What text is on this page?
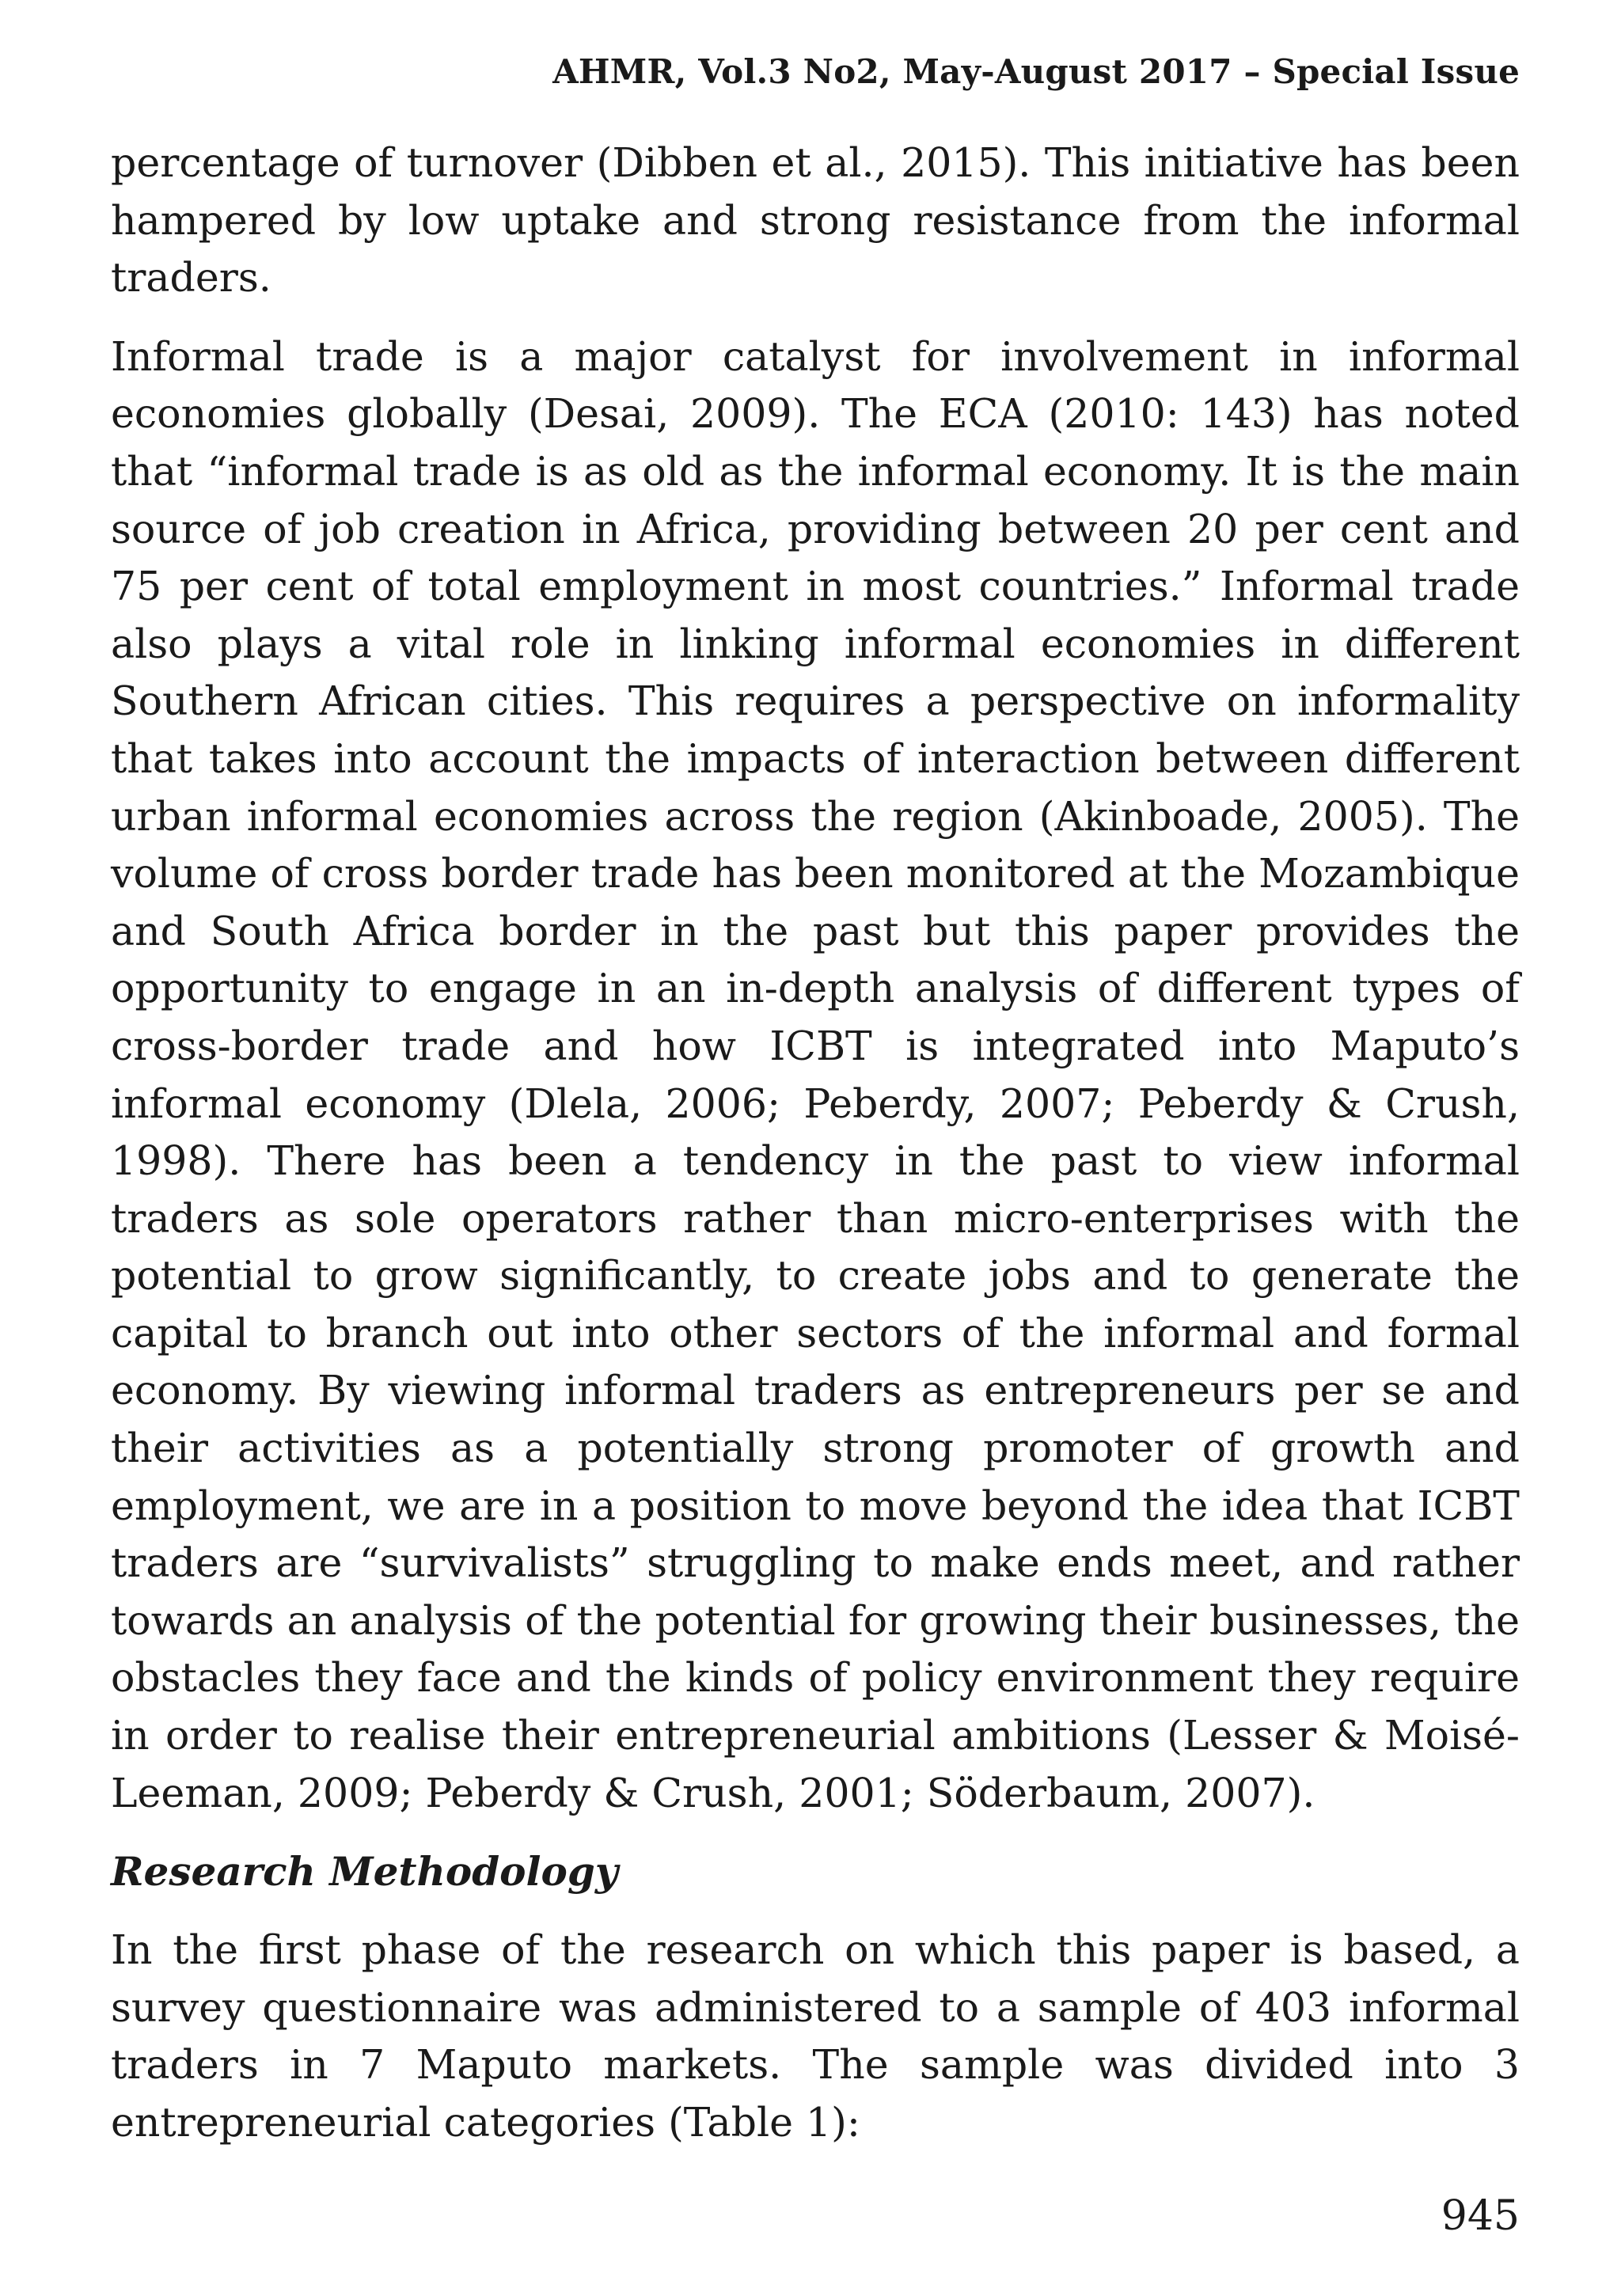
AHMR, Vol.3 No2, May-August 2017 – Special Issue

percentage of turnover (Dibben et al., 2015). This initiative has been hampered by low uptake and strong resistance from the informal traders.

Informal trade is a major catalyst for involvement in informal economies globally (Desai, 2009). The ECA (2010: 143) has noted that “informal trade is as old as the informal economy. It is the main source of job creation in Africa, providing between 20 per cent and 75 per cent of total employment in most countries.” Informal trade also plays a vital role in linking informal economies in different Southern African cities. This requires a perspective on informality that takes into account the impacts of interaction between different urban informal economies across the region (Akinboade, 2005). The volume of cross border trade has been monitored at the Mozambique and South Africa border in the past but this paper provides the opportunity to engage in an in-depth analysis of different types of cross-border trade and how ICBT is integrated into Maputo’s informal economy (Dlela, 2006; Peberdy, 2007; Peberdy & Crush, 1998). There has been a tendency in the past to view informal traders as sole operators rather than micro-enterprises with the potential to grow significantly, to create jobs and to generate the capital to branch out into other sectors of the informal and formal economy. By viewing informal traders as entrepreneurs per se and their activities as a potentially strong promoter of growth and employment, we are in a position to move beyond the idea that ICBT traders are “survivalists” struggling to make ends meet, and rather towards an analysis of the potential for growing their businesses, the obstacles they face and the kinds of policy environment they require in order to realise their entrepreneurial ambitions (Lesser & Moisé-Leeman, 2009; Peberdy & Crush, 2001; Söderbaum, 2007).

Research Methodology

In the first phase of the research on which this paper is based, a survey questionnaire was administered to a sample of 403 informal traders in 7 Maputo markets. The sample was divided into 3 entrepreneurial categories (Table 1):

945
